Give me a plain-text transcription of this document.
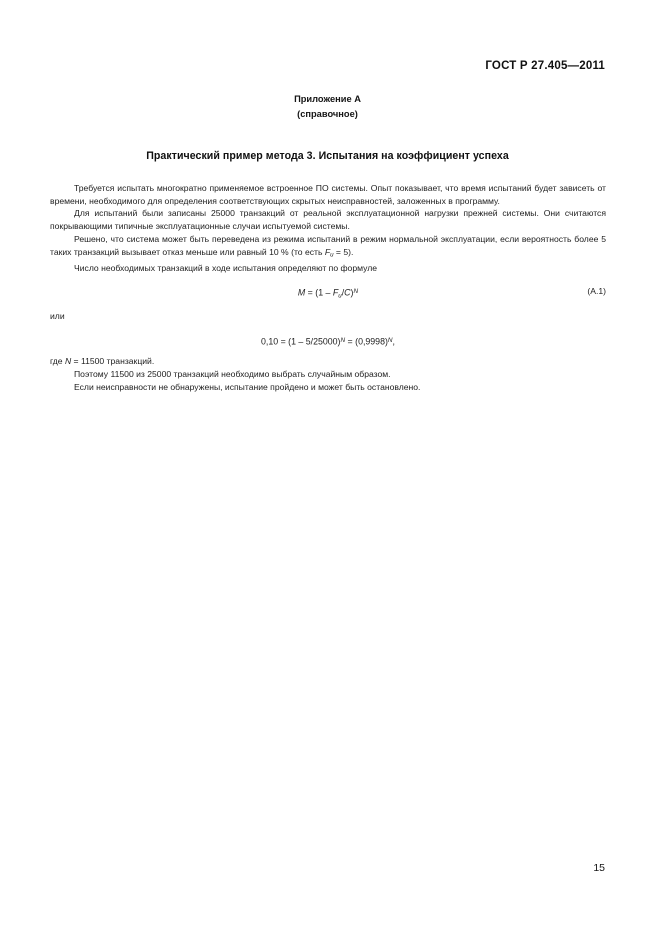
ГОСТ Р 27.405—2011
Приложение А
(справочное)
Практический пример метода 3. Испытания на коэффициент успеха

Требуется испытать многократно применяемое встроенное ПО системы. Опыт показывает, что время испытаний будет зависеть от времени, необходимого для определения соответствующих скрытых неисправностей, заложенных в программу.

Для испытаний были записаны 25000 транзакций от реальной эксплуатационной нагрузки прежней системы. Они считаются покрывающими типичные эксплуатационные случаи испытуемой системы.

Решено, что система может быть переведена из режима испытаний в режим нормальной эксплуатации, если вероятность более 5 таких транзакций вызывает отказ меньше или равный 10 % (то есть $F_u = 5$).

Число необходимых транзакций в ходе испытания определяют по формуле

$M = (1 - F_u/C)^N$	(А.1)

или

$0,10 = (1 - 5/25000)^N = (0,9998)^N$,

где N = 11500 транзакций.

Поэтому 11500 из 25000 транзакций необходимо выбрать случайным образом.

Если неисправности не обнаружены, испытание пройдено и может быть остановлено.

15
